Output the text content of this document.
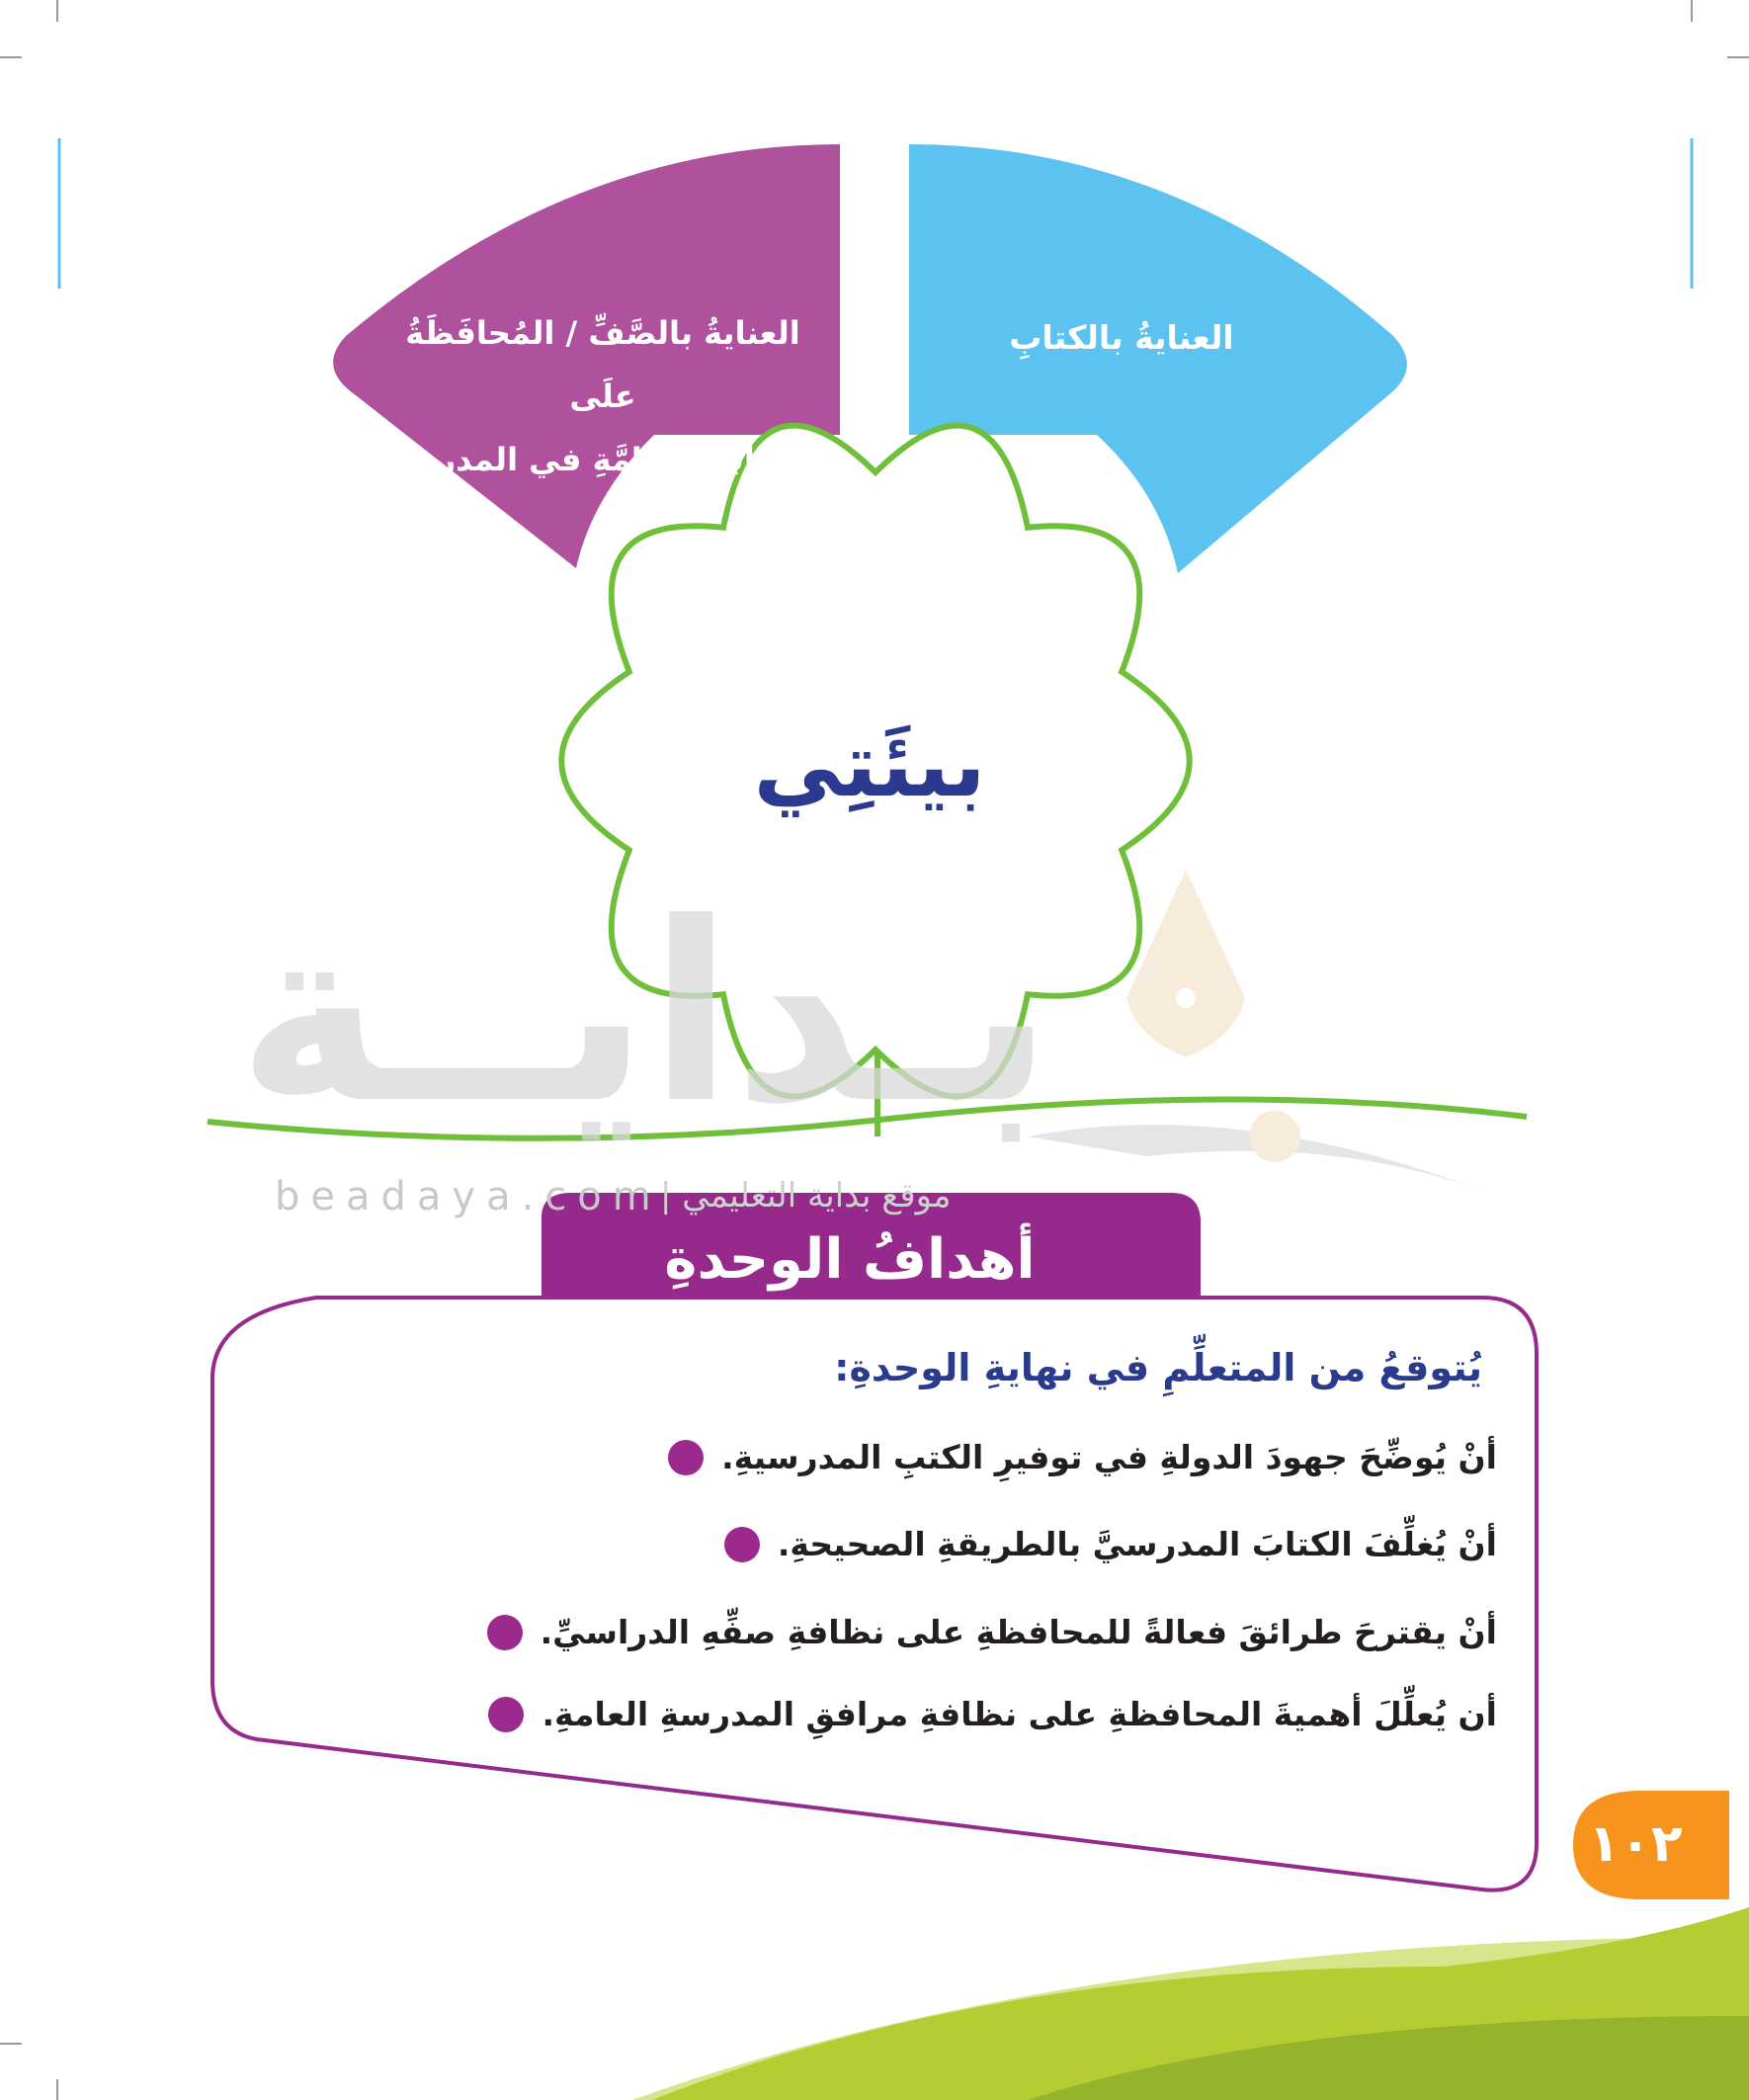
بـدايــة
beadaya.com
موقع بداية التعليمي |
العنايةُ بالصَّفِّ / المُحافَظَةُ علَى
المَرافِقِ العامَّةِ في المدرسةِ
العنايةُ بالكتابِ
بيئَتِي
أهدافُ الوحدةِ
يُتوقعُ من المتعلِّمِ في نهايةِ الوحدةِ:
أنْ يُوضِّحَ جهودَ الدولةِ في توفيرِ الكتبِ المدرسيةِ.
أنْ يُغلِّفَ الكتابَ المدرسيَّ بالطريقةِ الصحيحةِ.
أنْ يقترحَ طرائقَ فعالةً للمحافظةِ على نظافةِ صفِّهِ الدراسيِّ.
أن يُعلِّلَ أهميةَ المحافظةِ على نظافةِ مرافقِ المدرسةِ العامةِ.
١٠٢
